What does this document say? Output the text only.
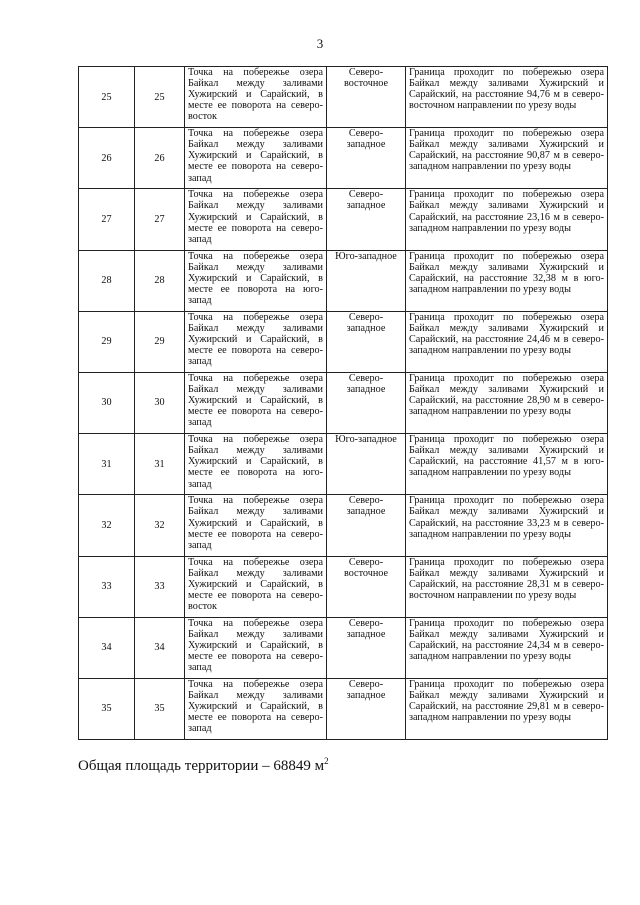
3
25	25	Точка на побережье озера Байкал между заливами Хужирский и Сарайский, в месте ее поворота на северо-восток	Северо-восточное	Граница проходит по побережью озера Байкал между заливами Хужирский и Сарайский, на расстояние 94,76 м в северо-восточном направлении по урезу воды
26	26	Точка на побережье озера Байкал между заливами Хужирский и Сарайский, в месте ее поворота на северо-запад	Северо-западное	Граница проходит по побережью озера Байкал между заливами Хужирский и Сарайский, на расстояние 90,87 м в северо-западном направлении по урезу воды
27	27	Точка на побережье озера Байкал между заливами Хужирский и Сарайский, в месте ее поворота на северо-запад	Северо-западное	Граница проходит по побережью озера Байкал между заливами Хужирский и Сарайский, на расстояние 23,16 м в северо-западном направлении по урезу воды
28	28	Точка на побережье озера Байкал между заливами Хужирский и Сарайский, в месте ее поворота на юго-запад	Юго-западное	Граница проходит по побережью озера Байкал между заливами Хужирский и Сарайский, на расстояние 32,38 м в юго-западном направлении по урезу воды
29	29	Точка на побережье озера Байкал между заливами Хужирский и Сарайский, в месте ее поворота на северо-запад	Северо-западное	Граница проходит по побережью озера Байкал между заливами Хужирский и Сарайский, на расстояние 24,46 м в северо-западном направлении по урезу воды
30	30	Точка на побережье озера Байкал между заливами Хужирский и Сарайский, в месте ее поворота на северо-запад	Северо-западное	Граница проходит по побережью озера Байкал между заливами Хужирский и Сарайский, на расстояние 28,90 м в северо-западном направлении по урезу воды
31	31	Точка на побережье озера Байкал между заливами Хужирский и Сарайский, в месте ее поворота на юго-запад	Юго-западное	Граница проходит по побережью озера Байкал между заливами Хужирский и Сарайский, на расстояние 41,57 м в юго-западном направлении по урезу воды
32	32	Точка на побережье озера Байкал между заливами Хужирский и Сарайский, в месте ее поворота на северо-запад	Северо-западное	Граница проходит по побережью озера Байкал между заливами Хужирский и Сарайский, на расстояние 33,23 м в северо-западном направлении по урезу воды
33	33	Точка на побережье озера Байкал между заливами Хужирский и Сарайский, в месте ее поворота на северо-восток	Северо-восточное	Граница проходит по побережью озера Байкал между заливами Хужирский и Сарайский, на расстояние 28,31 м в северо-восточном направлении по урезу воды
34	34	Точка на побережье озера Байкал между заливами Хужирский и Сарайский, в месте ее поворота на северо-запад	Северо-западное	Граница проходит по побережью озера Байкал между заливами Хужирский и Сарайский, на расстояние 24,34 м в северо-западном направлении по урезу воды
35	35	Точка на побережье озера Байкал между заливами Хужирский и Сарайский, в месте ее поворота на северо-запад	Северо-западное	Граница проходит по побережью озера Байкал между заливами Хужирский и Сарайский, на расстояние 29,81 м в северо-западном направлении по урезу воды
Общая площадь территории – 68849 $м^2$
